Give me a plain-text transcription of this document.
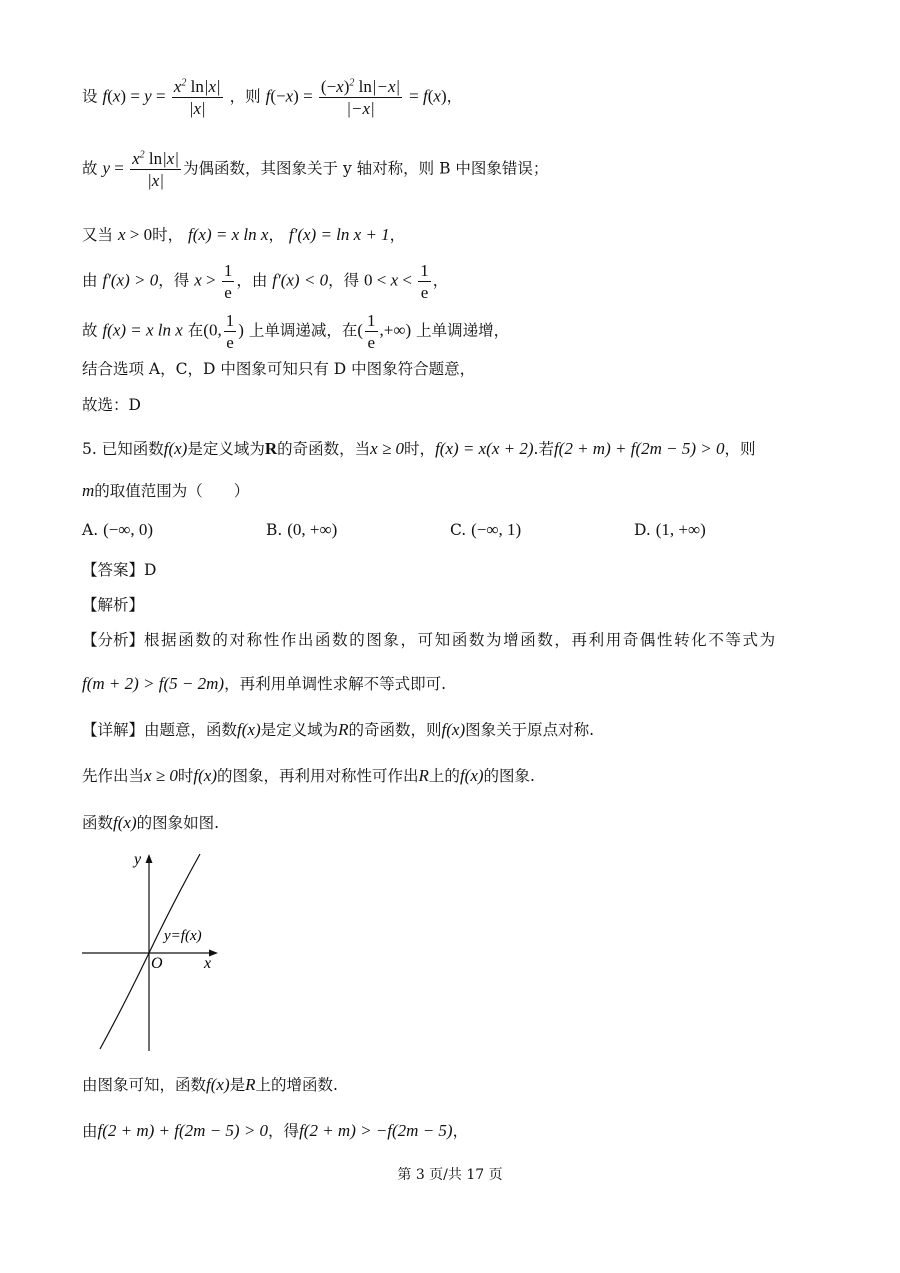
设 $f(x) = y = \frac{x^2 \ln|x|}{|x|}$ ，则 $f(-x) = \frac{(-x)^2 \ln|-x|}{|-x|} = f(x)$，
故 $y = \frac{x^2 \ln|x|}{|x|}$ 为偶函数，其图象关于 y 轴对称，则 B 中图象错误；
又当 x > 0时， f(x) = x ln x， f′(x) = ln x + 1，
由 f′(x) > 0，得 $x > \frac{1}{e}$ ，由 f′(x) < 0，得 $0 < x < \frac{1}{e}$ ，
故 f(x) = x ln x 在(0, $\frac{1}{e}$ ) 上单调递减，在( $\frac{1}{e}$ ,+∞) 上单调递增，
结合选项 A，C，D 中图象可知只有 D 中图象符合题意，
故选：D
5. 已知函数f(x)是定义域为R的奇函数，当x ≥ 0时，f(x) = x(x + 2).若f(2 + m) + f(2m − 5) > 0，则
m的取值范围为（　　）
A. (−∞, 0)	B. (0, +∞)	C. (−∞, 1)	D. (1, +∞)
【答案】D
【解析】
【分析】根据函数的对称性作出函数的图象，可知函数为增函数，再利用奇偶性转化不等式为
f(m + 2) > f(5 − 2m)，再利用单调性求解不等式即可.
【详解】由题意，函数f(x)是定义域为R的奇函数，则f(x)图象关于原点对称.
先作出当x ≥ 0时f(x)的图象，再利用对称性可作出R上的f(x)的图象.
函数f(x)的图象如图.
y
x
O
y=f(x)
由图象可知，函数f(x)是R上的增函数.
由f(2 + m) + f(2m − 5) > 0，得f(2 + m) > −f(2m − 5)，
第 3 页/共 17 页
